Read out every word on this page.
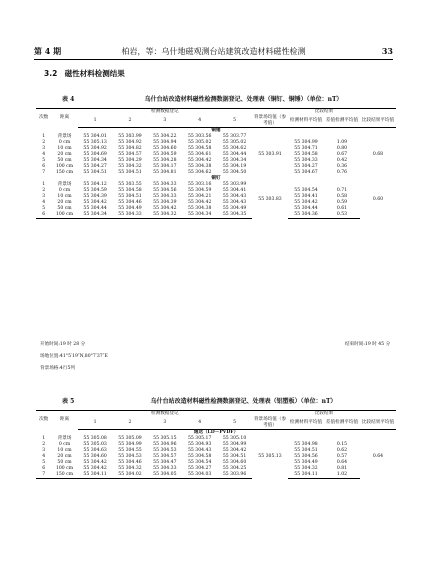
第 4 期	柏岩，等：乌什地磁观测台站建筑改造材料磁性检测	33
3.2　磁性材料检测结果
表 4	乌什台站改造材料磁性检测数据登记、处理表（铜钉、铜锤）（单位：nT）
次数	距离	检测数据登记					比较结果			
		1	2	3	4	5	背景场均值（参考值）	检测材料平均值	差值检测平均值	比较结果平均值
铜锤										
1	背景场	55 304.01	55 303.99	55 304.22	55 303.56	55 303.77	55 303.91			0.68
2	0 cm	55 305.13	55 304.92	55 304.94	55 305.02	55 305.02		55 304.99	1.09	
3	10 cm	55 304.92	55 304.82	55 304.60	55 304.58	55 304.62		55 304.71	0.80	
4	20 cm	55 304.69	55 304.57	55 304.59	55 304.61	55 304.44		55 304.58	0.67	
5	50 cm	55 304.34	55 304.29	55 304.28	55 304.42	55 304.34		55 304.33	0.42	
6	100 cm	55 304.27	55 304.32	55 304.17	55 304.38	55 304.19		55 304.27	0.36	
7	150 cm	55 304.51	55 304.51	55 304.81	55 304.62	55 304.50		55 304.67	0.76	
铜钉										
1	背景场	55 304.12	55 303.55	55 304.33	55 303.16	55 303.99	55 303.83			0.60
2	0 cm	55 304.59	55 304.58	55 304.56	55 304.59	55 304.41		55 304.54	0.71	
3	10 cm	55 304.39	55 304.51	55 304.33	55 304.21	55 304.43		55 304.41	0.58	
4	20 cm	55 304.42	55 304.46	55 304.39	55 304.42	55 304.43		55 304.42	0.59	
5	50 cm	55 304.44	55 304.49	55 304.42	55 304.38	55 304.49		55 304.44	0.61	
6	100 cm	55 304.34	55 304.33	55 304.32	55 304.34	55 304.35		55 304.36	0.53	
开始时间:19 时 28 分	结束时间:19 时 45 分
场地位置:41°5′19″N,80°7′37″E
背景场格:4行5列
表 5	乌什台站改造材料磁性检测数据登记、处理表（铝塑板）（单位：nT）
次数	距离	检测数据登记					比较结果			
		1	2	3	4	5	背景场均值（参考值）	检测材料平均值	差值检测平均值	比较结果平均值
通达（LD－PVDF）										
1	背景场	55 305.08	55 305.09	55 305.15	55 305.17	55 305.10	55 305.13			0.64
2	0 cm	55 305.03	55 304.99	55 304.96	55 304.93	55 304.99		55 304.98	0.15	
3	10 cm	55 304.63	55 304.55	55 304.53	55 304.43	55 304.42		55 304.51	0.62	
4	20 cm	55 304.60	55 304.53	55 304.57	55 304.58	55 304.51		55 304.56	0.57	
5	50 cm	55 304.42	55 304.46	55 304.47	55 304.54	55 304.60		55 304.49	0.64	
6	100 cm	55 304.42	55 304.32	55 304.33	55 304.27	55 304.25		55 304.32	0.81	
7	150 cm	55 304.11	55 304.02	55 304.05	55 304.03	55 303.96		55 304.11	1.02	
